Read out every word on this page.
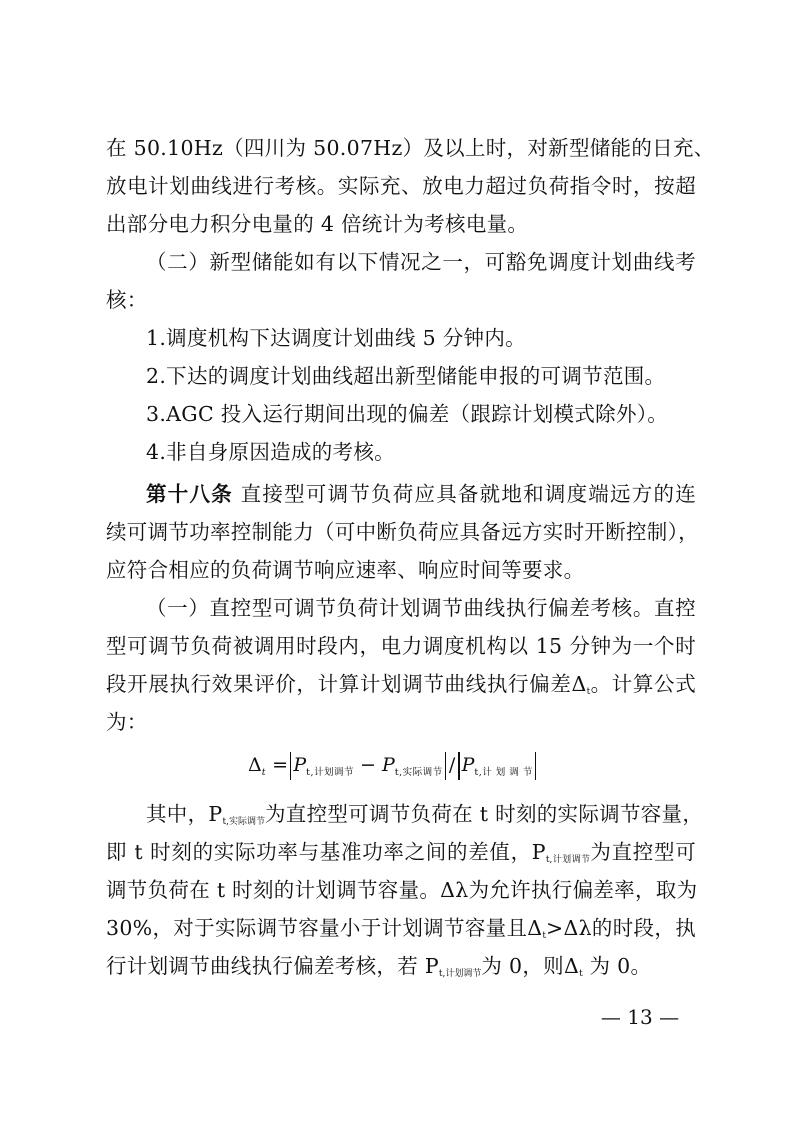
在 50.10Hz（四川为 50.07Hz）及以上时，对新型储能的日充、
放电计划曲线进行考核。实际充、放电力超过负荷指令时，按超
出部分电力积分电量的 4 倍统计为考核电量。
（二）新型储能如有以下情况之一，可豁免调度计划曲线考
核：
1.调度机构下达调度计划曲线 5 分钟内。
2.下达的调度计划曲线超出新型储能申报的可调节范围。
3.AGC 投入运行期间出现的偏差（跟踪计划模式除外）。
4.非自身原因造成的考核。
第十八条 直接型可调节负荷应具备就地和调度端远方的连
续可调节功率控制能力（可中断负荷应具备远方实时开断控制），
应符合相应的负荷调节响应速率、响应时间等要求。
（一）直控型可调节负荷计划调节曲线执行偏差考核。直控
型可调节负荷被调用时段内，电力调度机构以 15 分钟为一个时
段开展执行效果评价，计算计划调节曲线执行偏差$\Delta_t$。计算公式
为：
Δt = Pt,计划调节 − Pt,实际调节 / Pt,计 划 调 节
其中，$P_{t,实际调节}$为直控型可调节负荷在 t 时刻的实际调节容量，
即 t 时刻的实际功率与基准功率之间的差值，$P_{t,计划调节}$为直控型可
调节负荷在 t 时刻的计划调节容量。Δλ为允许执行偏差率，取为
30%，对于实际调节容量小于计划调节容量且$\Delta_t>\Delta\lambda$的时段，执
行计划调节曲线执行偏差考核，若 $P_{t,计划调节}$为 0，则$\Delta_t$ 为 0。
— 13 —
